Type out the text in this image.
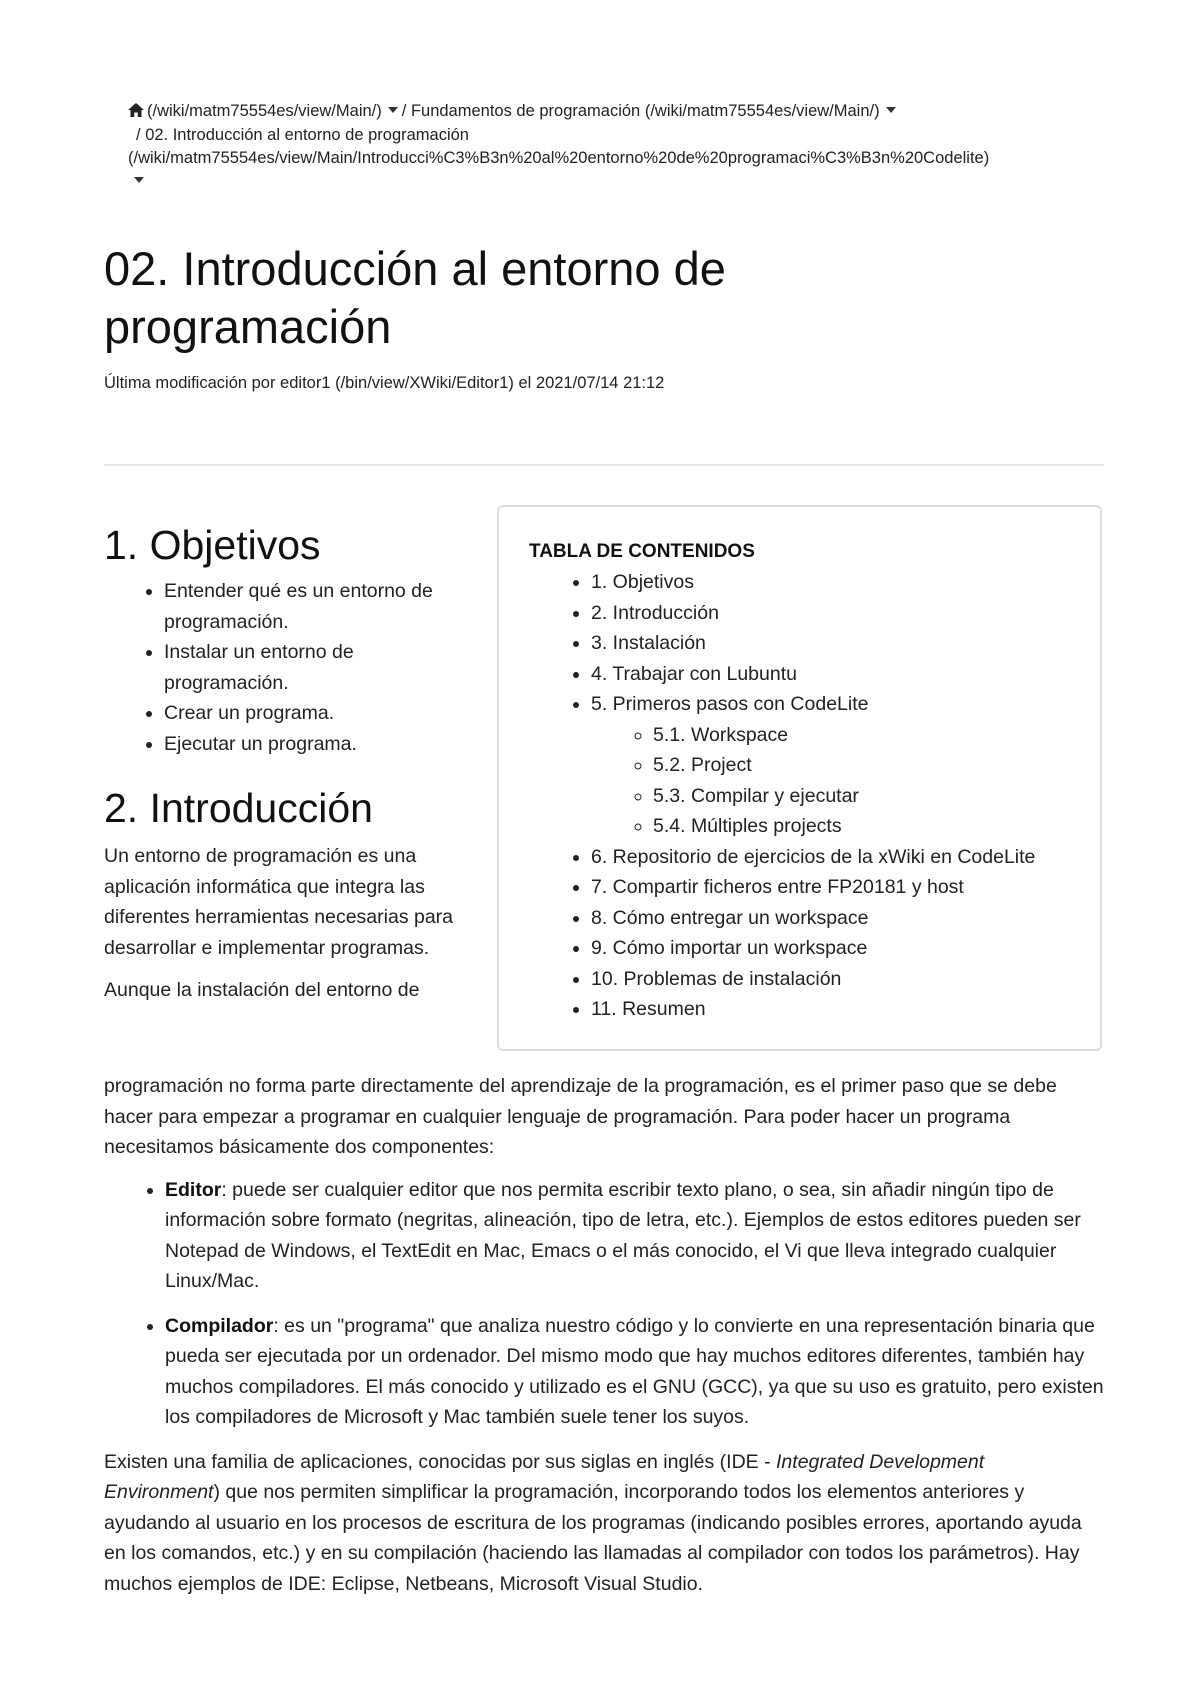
(/wiki/matm75554es/view/Main/) / Fundamentos de programación (/wiki/matm75554es/view/Main/)
/ 02. Introducción al entorno de programación
(/wiki/matm75554es/view/Main/Introducci%C3%B3n%20al%20entorno%20de%20programaci%C3%B3n%20Codelite)
02. Introducción al entorno de programación
Última modificación por editor1 (/bin/view/XWiki/Editor1) el 2021/07/14 21:12
1. Objetivos
• Entender qué es un entorno de programación.
• Instalar un entorno de programación.
• Crear un programa.
• Ejecutar un programa.
2. Introducción

Un entorno de programación es una aplicación informática que integra las diferentes herramientas necesarias para desarrollar e implementar programas.

Aunque la instalación del entorno de

TABLA DE CONTENIDOS
• 1. Objetivos
• 2. Introducción
• 3. Instalación
• 4. Trabajar con Lubuntu
• 5. Primeros pasos con CodeLite
◦ 5.1. Workspace
◦ 5.2. Project
◦ 5.3. Compilar y ejecutar
◦ 5.4. Múltiples projects
• 6. Repositorio de ejercicios de la xWiki en CodeLite
• 7. Compartir ficheros entre FP20181 y host
• 8. Cómo entregar un workspace
• 9. Cómo importar un workspace
• 10. Problemas de instalación
• 11. Resumen

programación no forma parte directamente del aprendizaje de la programación, es el primer paso que se debe hacer para empezar a programar en cualquier lenguaje de programación. Para poder hacer un programa necesitamos básicamente dos componentes:

• Editor: puede ser cualquier editor que nos permita escribir texto plano, o sea, sin añadir ningún tipo de información sobre formato (negritas, alineación, tipo de letra, etc.). Ejemplos de estos editores pueden ser Notepad de Windows, el TextEdit en Mac, Emacs o el más conocido, el Vi que lleva integrado cualquier Linux/Mac.
• Compilador: es un "programa" que analiza nuestro código y lo convierte en una representación binaria que pueda ser ejecutada por un ordenador. Del mismo modo que hay muchos editores diferentes, también hay muchos compiladores. El más conocido y utilizado es el GNU (GCC), ya que su uso es gratuito, pero existen los compiladores de Microsoft y Mac también suele tener los suyos.

Existen una familia de aplicaciones, conocidas por sus siglas en inglés (IDE - Integrated Development Environment) que nos permiten simplificar la programación, incorporando todos los elementos anteriores y ayudando al usuario en los procesos de escritura de los programas (indicando posibles errores, aportando ayuda en los comandos, etc.) y en su compilación (haciendo las llamadas al compilador con todos los parámetros). Hay muchos ejemplos de IDE: Eclipse, Netbeans, Microsoft Visual Studio.
